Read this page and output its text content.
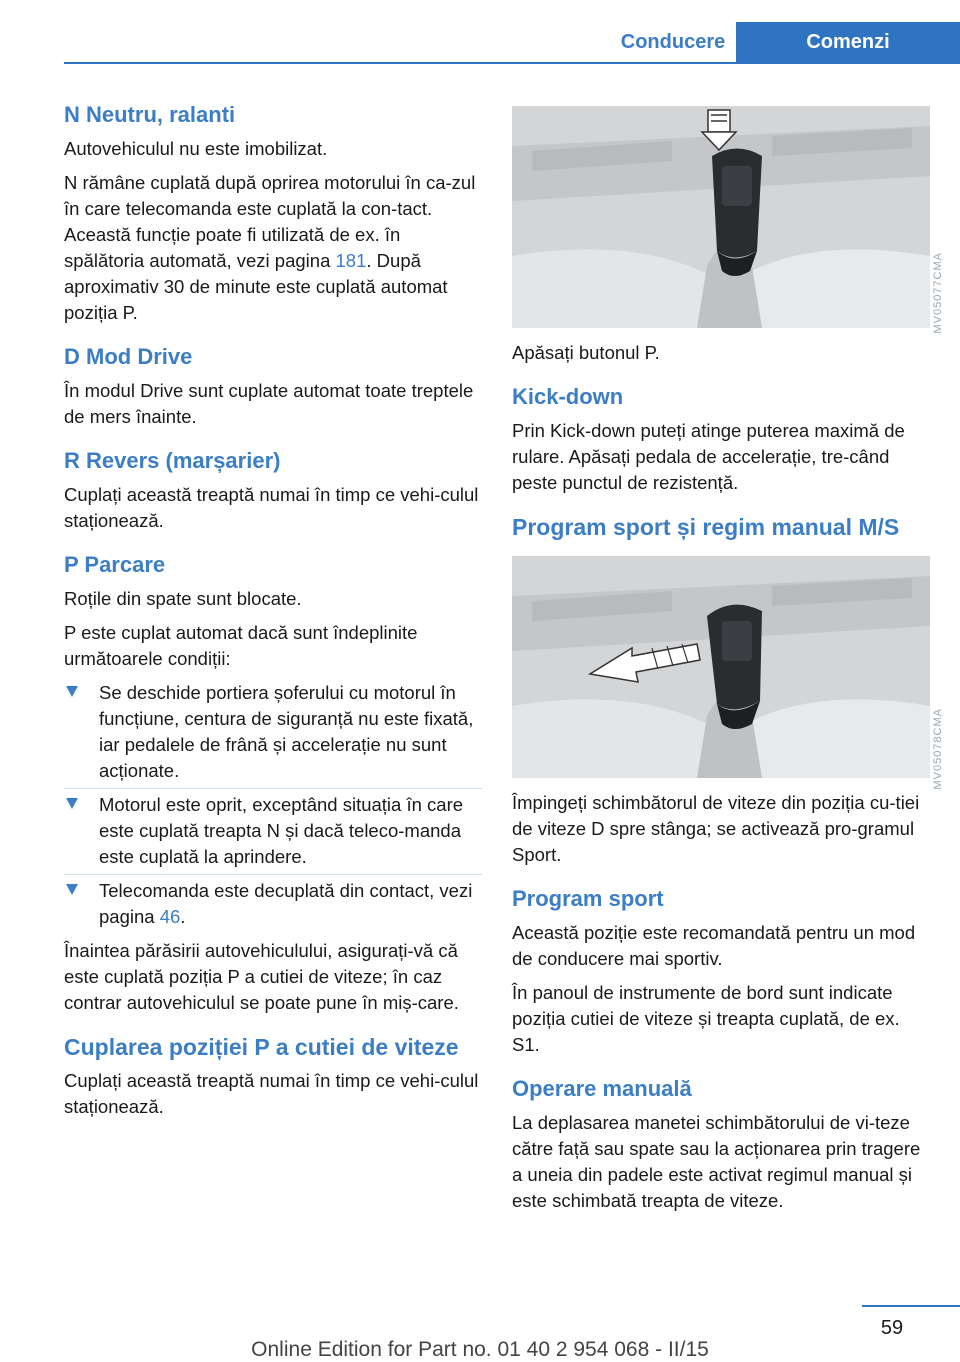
Conducere	Comenzi
N Neutru, ralanti

Autovehiculul nu este imobilizat.

N rămâne cuplată după oprirea motorului în ca‐zul în care telecomanda este cuplată la con‐tact. Această funcție poate fi utilizată de ex. în spălătoria automată, vezi pagina 181. După aproximativ 30 de minute este cuplată automat poziția P.

D Mod Drive

În modul Drive sunt cuplate automat toate treptele de mers înainte.

R Revers (marșarier)

Cuplați această treaptă numai în timp ce vehi‐culul staționează.

P Parcare

Roțile din spate sunt blocate.

P este cuplat automat dacă sunt îndeplinite următoarele condiții:

Se deschide portiera șoferului cu motorul în funcțiune, centura de siguranță nu este fixată, iar pedalele de frână și accelerație nu sunt acționate.
Motorul este oprit, exceptând situația în care este cuplată treapta N și dacă teleco‐manda este cuplată la aprindere.
Telecomanda este decuplată din contact, vezi pagina 46.

Înaintea părăsirii autovehiculului, asigurați-vă că este cuplată poziția P a cutiei de viteze; în caz contrar autovehiculul se poate pune în miș‐care.

Cuplarea poziției P a cutiei de viteze

Cuplați această treaptă numai în timp ce vehi‐culul staționează.

Apăsați butonul P.

Kick-down

Prin Kick-down puteți atinge puterea maximă de rulare. Apăsați pedala de accelerație, tre‐când peste punctul de rezistență.

Program sport și regim manual M/S

Împingeți schimbătorul de viteze din poziția cu‐tiei de viteze D spre stânga; se activează pro‐gramul Sport.

Program sport

Această poziție este recomandată pentru un mod de conducere mai sportiv.

În panoul de instrumente de bord sunt indicate poziția cutiei de viteze și treapta cuplată, de ex. S1.

Operare manuală

La deplasarea manetei schimbătorului de vi‐teze către față sau spate sau la acționarea prin tragere a uneia din padele este activat regimul manual și este schimbată treapta de viteze.

MV05077CMA
MV05078CMA
59
Online Edition for Part no. 01 40 2 954 068 - II/15
